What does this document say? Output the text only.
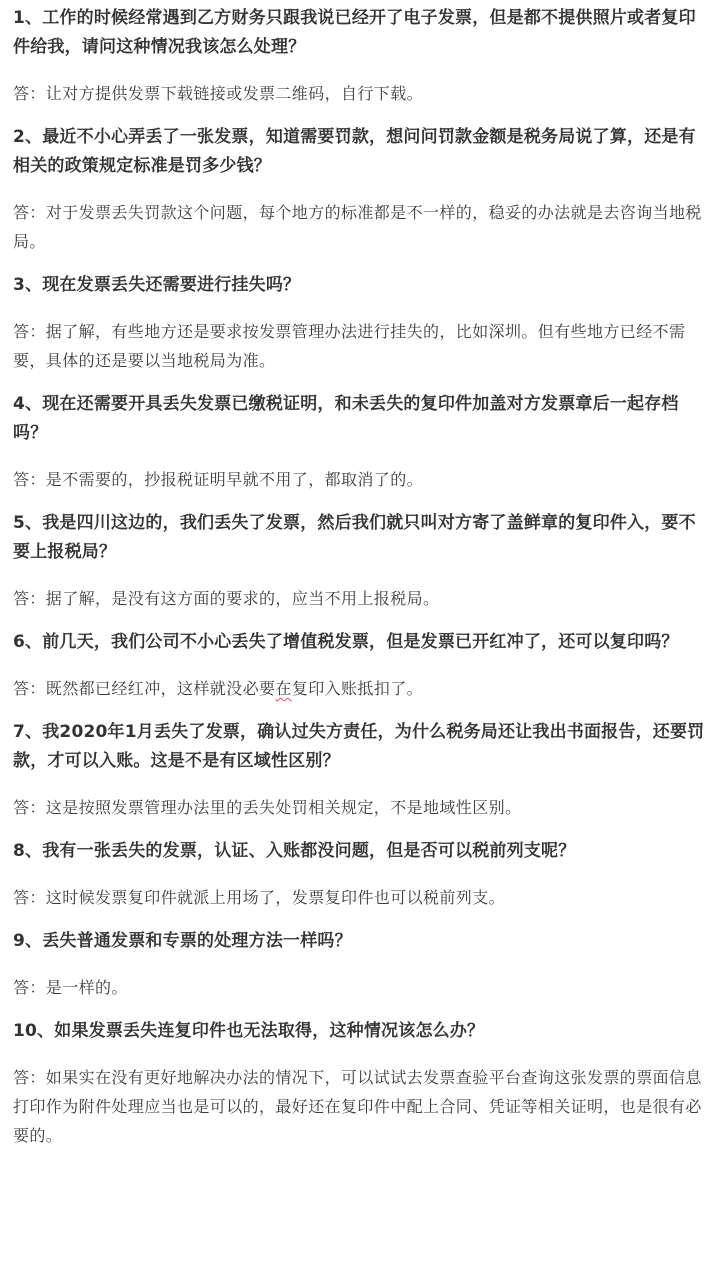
1、工作的时候经常遇到乙方财务只跟我说已经开了电子发票，但是都不提供照片或者复印件给我，请问这种情况我该怎么处理？

答：让对方提供发票下载链接或发票二维码，自行下载。

2、最近不小心弄丢了一张发票，知道需要罚款，想问问罚款金额是税务局说了算，还是有相关的政策规定标准是罚多少钱？

答：对于发票丢失罚款这个问题，每个地方的标准都是不一样的，稳妥的办法就是去咨询当地税局。

3、现在发票丢失还需要进行挂失吗？

答：据了解，有些地方还是要求按发票管理办法进行挂失的，比如深圳。但有些地方已经不需要，具体的还是要以当地税局为准。

4、现在还需要开具丢失发票已缴税证明，和未丢失的复印件加盖对方发票章后一起存档吗？

答：是不需要的，抄报税证明早就不用了，都取消了的。

5、我是四川这边的，我们丢失了发票，然后我们就只叫对方寄了盖鲜章的复印件入，要不要上报税局？

答：据了解，是没有这方面的要求的，应当不用上报税局。

6、前几天，我们公司不小心丢失了增值税发票，但是发票已开红冲了，还可以复印吗？

答：既然都已经红冲，这样就没必要在复印入账抵扣了。

7、我2020年1月丢失了发票，确认过失方责任，为什么税务局还让我出书面报告，还要罚款，才可以入账。这是不是有区域性区别？

答：这是按照发票管理办法里的丢失处罚相关规定，不是地域性区别。

8、我有一张丢失的发票，认证、入账都没问题，但是否可以税前列支呢？

答：这时候发票复印件就派上用场了，发票复印件也可以税前列支。

9、丢失普通发票和专票的处理方法一样吗？

答：是一样的。

10、如果发票丢失连复印件也无法取得，这种情况该怎么办？

答：如果实在没有更好地解决办法的情况下，可以试试去发票查验平台查询这张发票的票面信息打印作为附件处理应当也是可以的，最好还在复印件中配上合同、凭证等相关证明，也是很有必要的。
